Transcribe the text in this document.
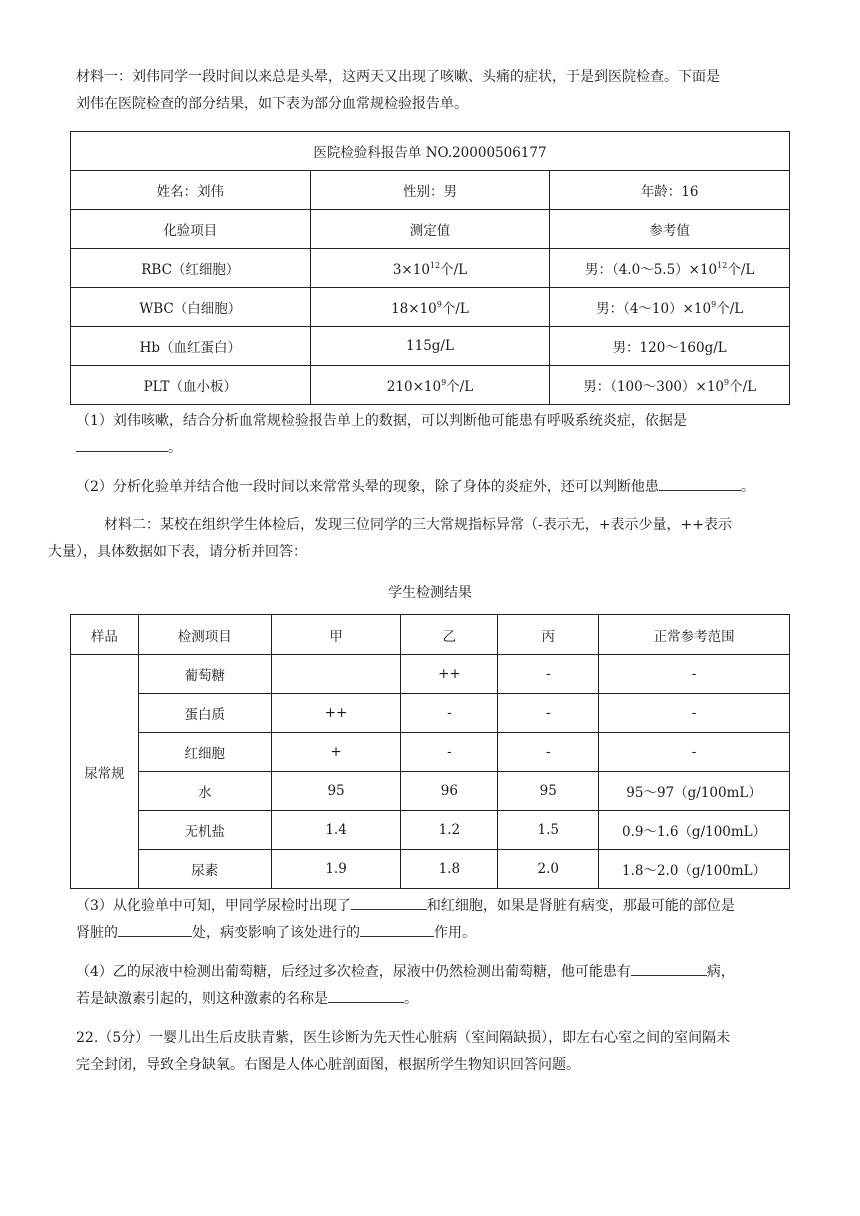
材料一：刘伟同学一段时间以来总是头晕，这两天又出现了咳嗽、头痛的症状，于是到医院检查。下面是
刘伟在医院检查的部分结果，如下表为部分血常规检验报告单。

医院检验科报告单 NO.20000506177		
姓名：刘伟	性别：男	年龄：16
化验项目	测定值	参考值
RBC（红细胞）	$3\times 10^{12}$个/L	男：$(4.0\sim 5.5)\times 10^{12}$个/L
WBC（白细胞）	$18\times 10^9$个/L	男：$(4\sim 10)\times 10^9$个/L
Hb（血红蛋白）	115g/L	男：120～160g/L
PLT（血小板）	$210\times 10^9$个/L	男：$(100\sim 300)\times 10^9$个/L

（1）刘伟咳嗽，结合分析血常规检验报告单上的数据，可以判断他可能患有呼吸系统炎症，依据是
。

（2）分析化验单并结合他一段时间以来常常头晕的现象，除了身体的炎症外，还可以判断他患	。

材料二：某校在组织学生体检后，发现三位同学的三大常规指标异常（-表示无，+表示少量，++表示
大量），具体数据如下表，请分析并回答：

学生检测结果
样品	检测项目	甲	乙	丙	正常参考范围
尿常规	葡萄糖		++	-	-
	蛋白质	++	-	-	-
	红细胞	+	-	-	-
	水	95	96	95	95～97（g/100mL）
	无机盐	1.4	1.2	1.5	0.9～1.6（g/100mL）
	尿素	1.9	1.8	2.0	1.8～2.0（g/100mL）

（3）从化验单中可知，甲同学尿检时出现了	和红细胞，如果是肾脏有病变，那最可能的部位是
肾脏的	处，病变影响了该处进行的	作用。

（4）乙的尿液中检测出葡萄糖，后经过多次检查，尿液中仍然检测出葡萄糖，他可能患有	病，
若是缺激素引起的，则这种激素的名称是	。

22.（5分）一婴儿出生后皮肤青紫，医生诊断为先天性心脏病（室间隔缺损），即左右心室之间的室间隔未
完全封闭，导致全身缺氧。右图是人体心脏剖面图，根据所学生物知识回答问题。
